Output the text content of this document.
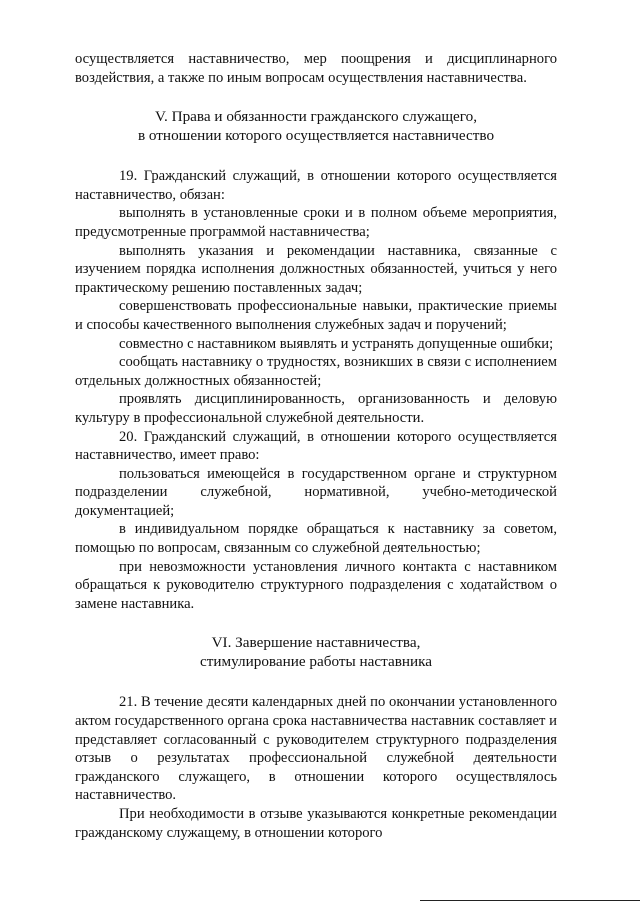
осуществляется наставничество, мер поощрения и дисциплинарного воздействия, а также по иным вопросам осуществления наставничества.

V. Права и обязанности гражданского служащего,
в отношении которого осуществляется наставничество

19. Гражданский служащий, в отношении которого осуществляется наставничество, обязан:

выполнять в установленные сроки и в полном объеме мероприятия, предусмотренные программой наставничества;

выполнять указания и рекомендации наставника, связанные с изучением порядка исполнения должностных обязанностей, учиться у него практическому решению поставленных задач;

совершенствовать профессиональные навыки, практические приемы и способы качественного выполнения служебных задач и поручений;

совместно с наставником выявлять и устранять допущенные ошибки;

сообщать наставнику о трудностях, возникших в связи с исполнением отдельных должностных обязанностей;

проявлять дисциплинированность, организованность и деловую культуру в профессиональной служебной деятельности.

20. Гражданский служащий, в отношении которого осуществляется наставничество, имеет право:

пользоваться имеющейся в государственном органе и структурном подразделении служебной, нормативной, учебно-методической документацией;

в индивидуальном порядке обращаться к наставнику за советом, помощью по вопросам, связанным со служебной деятельностью;

при невозможности установления личного контакта с наставником обращаться к руководителю структурного подразделения с ходатайством о замене наставника.

VI. Завершение наставничества,
стимулирование работы наставника

21. В течение десяти календарных дней по окончании установленного актом государственного органа срока наставничества наставник составляет и представляет согласованный с руководителем структурного подразделения отзыв о результатах профессиональной служебной деятельности гражданского служащего, в отношении которого осуществлялось наставничество.

При необходимости в отзыве указываются конкретные рекомендации гражданскому служащему, в отношении которого
